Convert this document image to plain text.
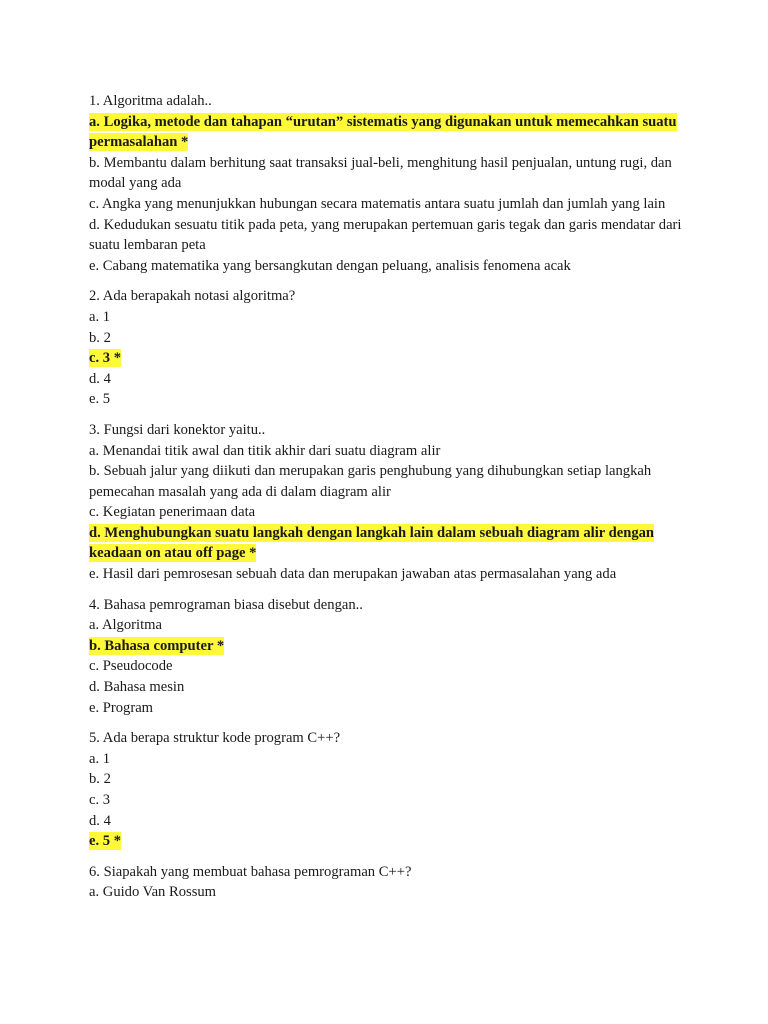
1. Algoritma adalah..

a. Logika, metode dan tahapan “urutan” sistematis yang digunakan untuk memecahkan suatu permasalahan *

b. Membantu dalam berhitung saat transaksi jual-beli, menghitung hasil penjualan, untung rugi, dan modal yang ada

c. Angka yang menunjukkan hubungan secara matematis antara suatu jumlah dan jumlah yang lain

d. Kedudukan sesuatu titik pada peta, yang merupakan pertemuan garis tegak dan garis mendatar dari suatu lembaran peta

e. Cabang matematika yang bersangkutan dengan peluang, analisis fenomena acak

2. Ada berapakah notasi algoritma?

a. 1

b. 2

c. 3 *

d. 4

e. 5

3. Fungsi dari konektor yaitu..

a. Menandai titik awal dan titik akhir dari suatu diagram alir

b. Sebuah jalur yang diikuti dan merupakan garis penghubung yang dihubungkan setiap langkah pemecahan masalah yang ada di dalam diagram alir

c. Kegiatan penerimaan data

d. Menghubungkan suatu langkah dengan langkah lain dalam sebuah diagram alir dengan keadaan on atau off page *

e. Hasil dari pemrosesan sebuah data dan merupakan jawaban atas permasalahan yang ada

4. Bahasa pemrograman biasa disebut dengan..

a. Algoritma

b. Bahasa computer *

c. Pseudocode

d. Bahasa mesin

e. Program

5. Ada berapa struktur kode program C++?

a. 1

b. 2

c. 3

d. 4

e. 5 *

6. Siapakah yang membuat bahasa pemrograman C++?

a. Guido Van Rossum
